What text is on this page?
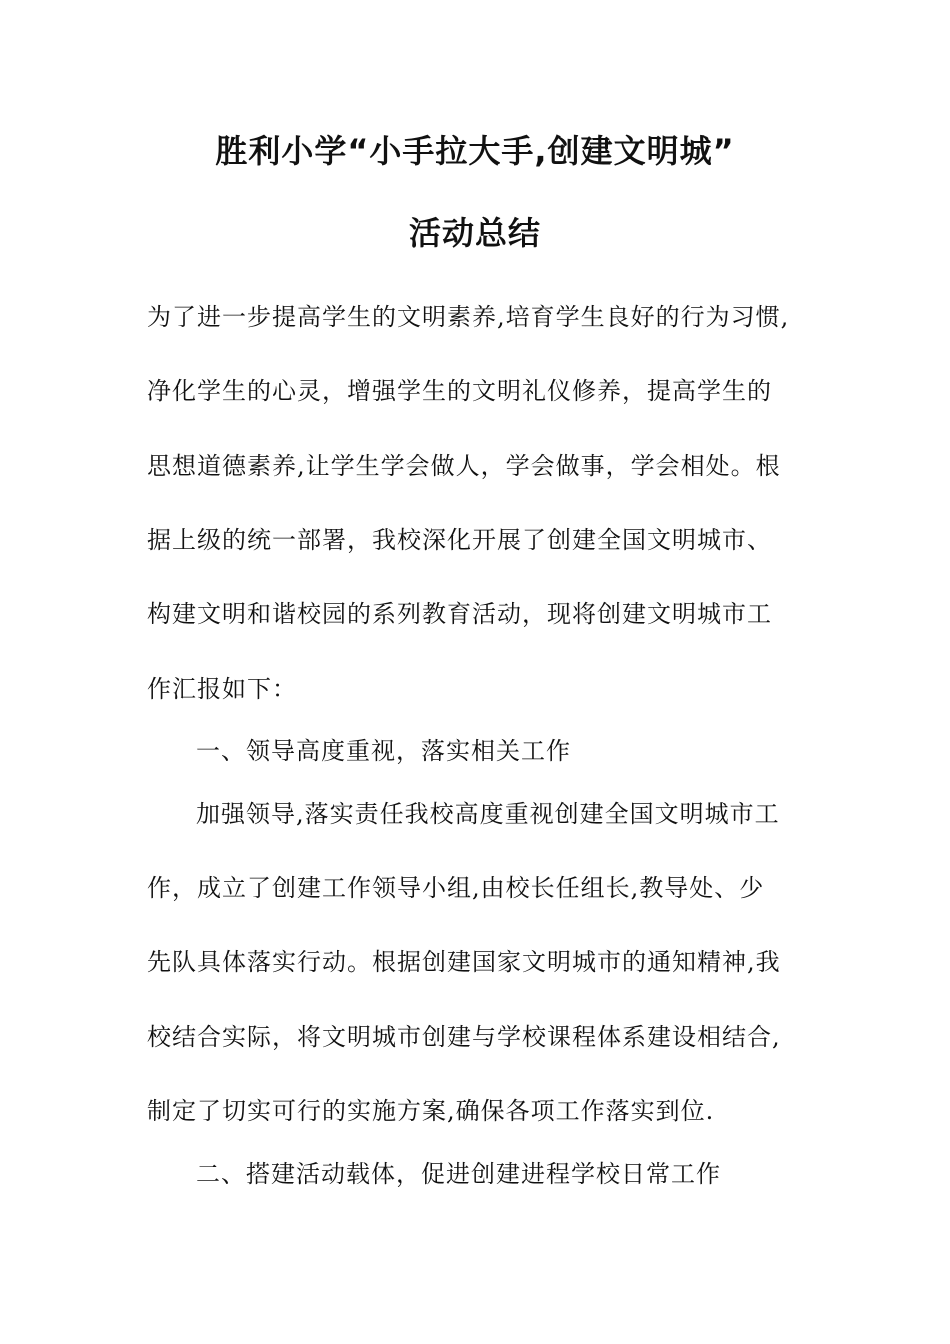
胜利小学“小手拉大手,创建文明城”
活动总结
为了进一步提高学生的文明素养,培育学生良好的行为习惯,
净化学生的心灵，增强学生的文明礼仪修养，提高学生的
思想道德素养,让学生学会做人，学会做事，学会相处。根
据上级的统一部署，我校深化开展了创建全国文明城市、
构建文明和谐校园的系列教育活动，现将创建文明城市工
作汇报如下：
一、领导高度重视，落实相关工作
加强领导,落实责任我校高度重视创建全国文明城市工
作，成立了创建工作领导小组,由校长任组长,教导处、少
先队具体落实行动。根据创建国家文明城市的通知精神,我
校结合实际，将文明城市创建与学校课程体系建设相结合,
制定了切实可行的实施方案,确保各项工作落实到位.
二、搭建活动载体，促进创建进程学校日常工作
